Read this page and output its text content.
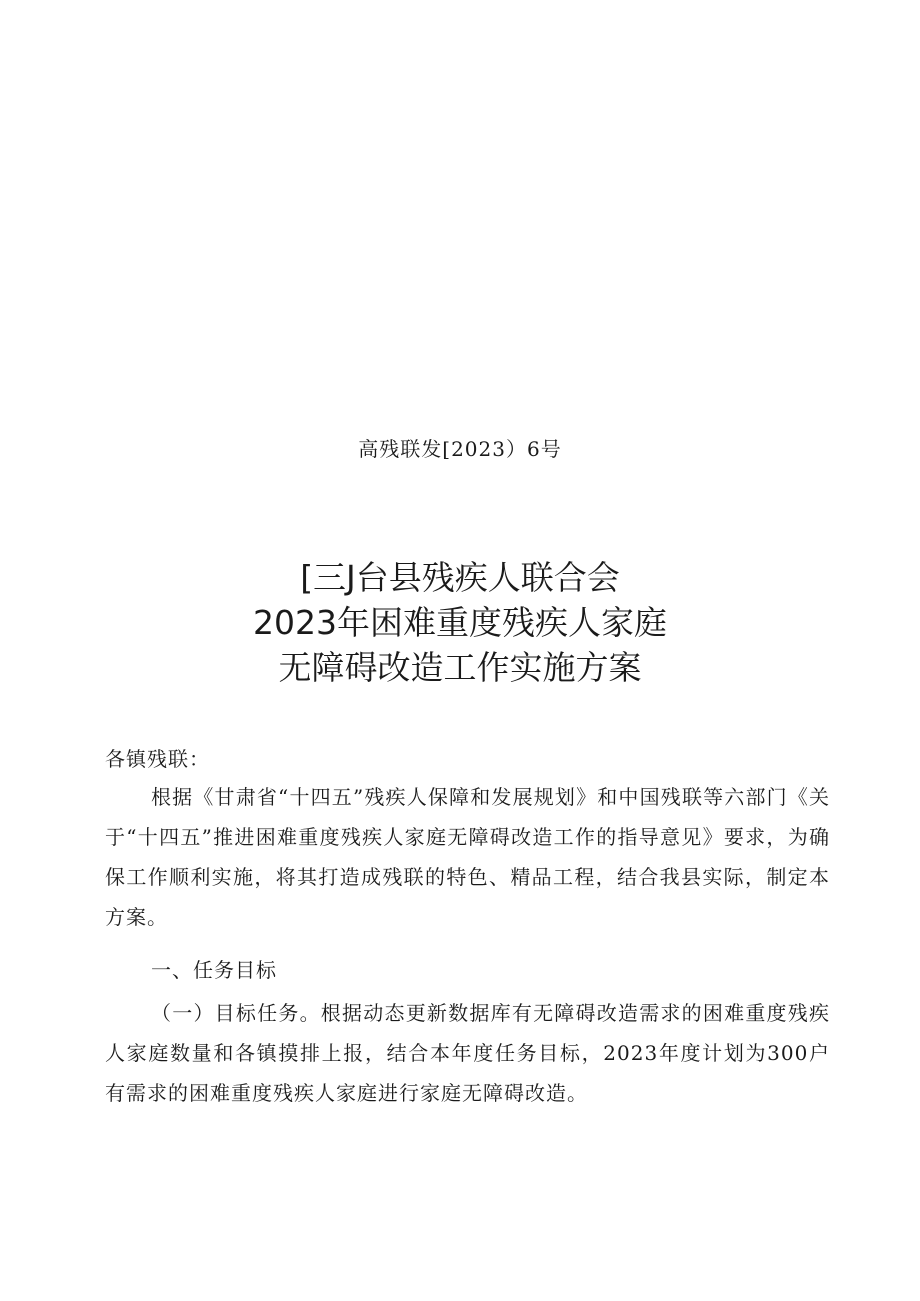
高残联发[2023）6号
[三J台县残疾人联合会
2023年困难重度残疾人家庭
无障碍改造工作实施方案
各镇残联：
根据《甘肃省“十四五”残疾人保障和发展规划》和中国残联等六部门《关于“十四五”推进困难重度残疾人家庭无障碍改造工作的指导意见》要求，为确保工作顺利实施，将其打造成残联的特色、精品工程，结合我县实际，制定本方案。
一、任务目标
（一）目标任务。根据动态更新数据库有无障碍改造需求的困难重度残疾人家庭数量和各镇摸排上报，结合本年度任务目标，2023年度计划为300户有需求的困难重度残疾人家庭进行家庭无障碍改造。
